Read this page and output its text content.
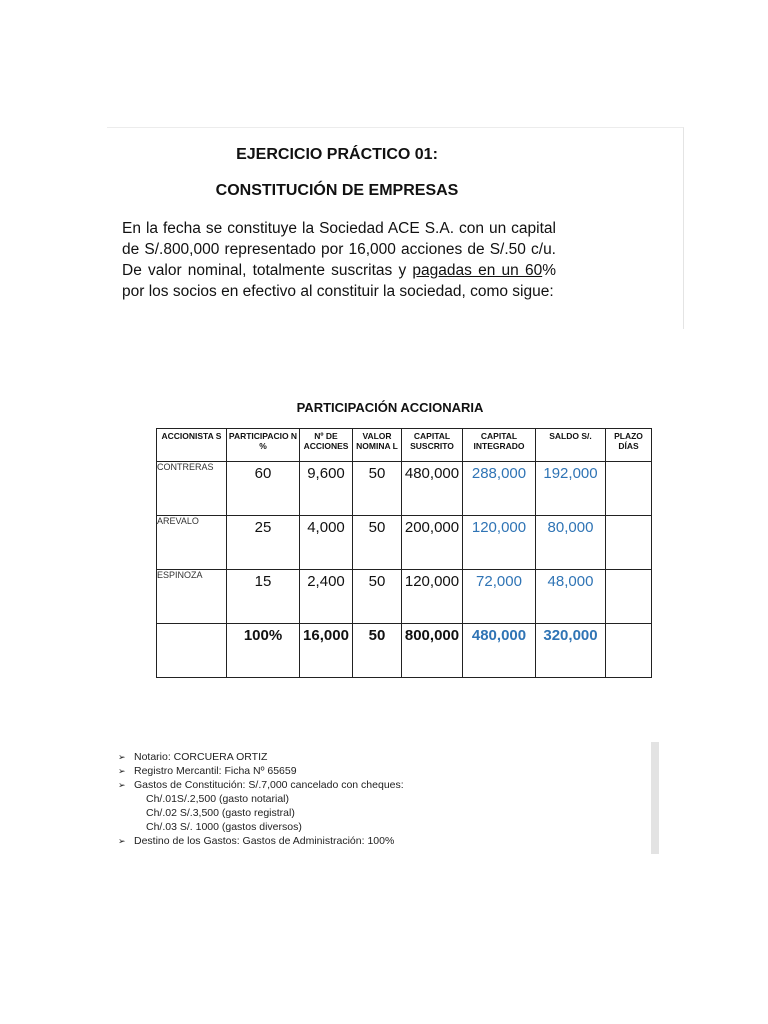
EJERCICIO PRÁCTICO 01:
CONSTITUCIÓN DE EMPRESAS
En la fecha se constituye la Sociedad ACE S.A. con un capital de S/.800,000 representado por 16,000 acciones de S/.50 c/u. De valor nominal, totalmente suscritas y pagadas en un 60% por los socios en efectivo al constituir la sociedad, como sigue:
PARTICIPACIÓN ACCIONARIA
ACCIONISTA S	PARTICIPACIO N %	Nº DE ACCIONES	VALOR NOMINA L	CAPITAL SUSCRITO	CAPITAL INTEGRADO	SALDO S/.	PLAZO DÍAS
CONTRERAS	60	9,600	50	480,000	288,000	192,000	
AREVALO	25	4,000	50	200,000	120,000	80,000	
ESPINOZA	15	2,400	50	120,000	72,000	48,000	
	100%	16,000	50	800,000	480,000	320,000	
➢ Notario: CORCUERA ORTIZ
➢ Registro Mercantil: Ficha Nº 65659
➢ Gastos de Constitución: S/.7,000 cancelado con cheques:
Ch/.01S/.2,500 (gasto notarial)
Ch/.02 S/.3,500 (gasto registral)
Ch/.03 S/. 1000 (gastos diversos)
➢ Destino de los Gastos: Gastos de Administración: 100%
